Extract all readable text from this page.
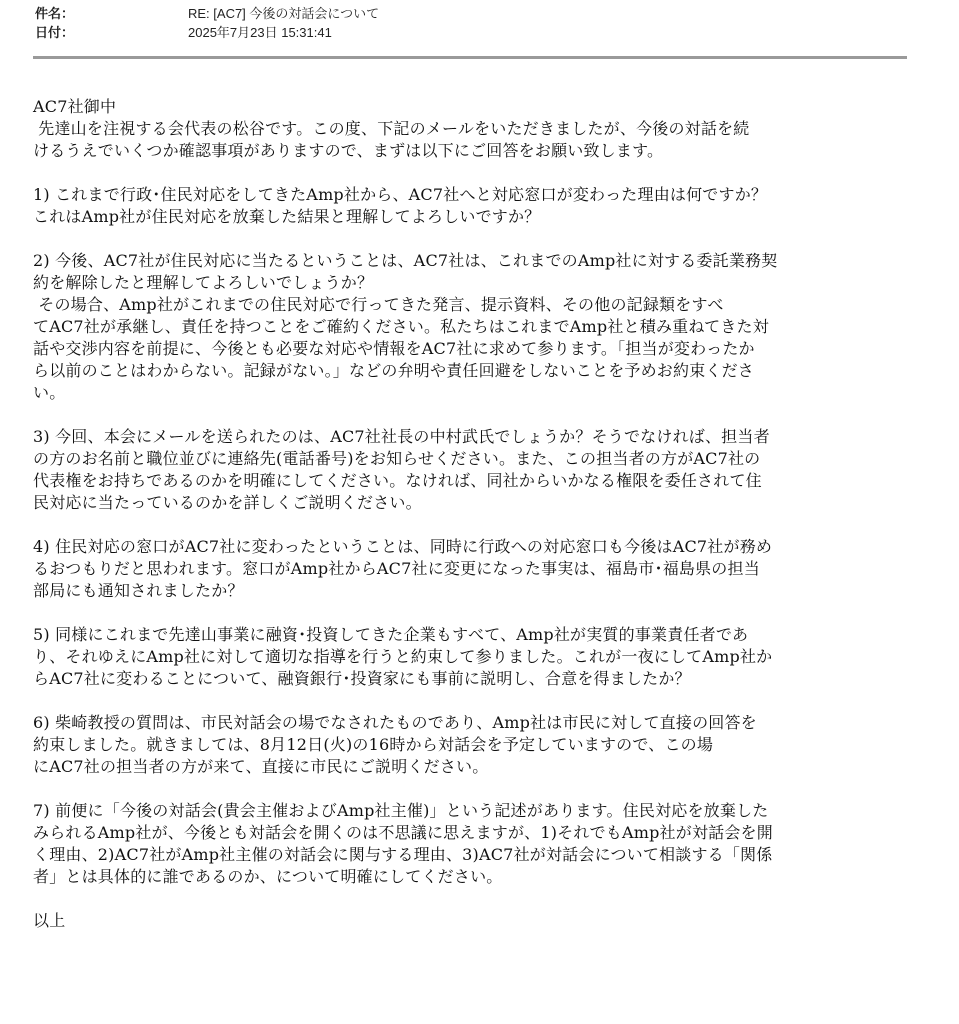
件名：	RE: [AC7] 今後の対話会について
日付：	2025年7月23日 15:31:41
AC7社御中
先達山を注視する会代表の松谷です。この度、下記のメールをいただきましたが、今後の対話を続
けるうえでいくつか確認事項がありますので、まずは以下にご回答をお願い致します。
1) これまで行政･住民対応をしてきたAmp社から、AC7社へと対応窓口が変わった理由は何ですか？
これはAmp社が住民対応を放棄した結果と理解してよろしいですか？
2) 今後、AC7社が住民対応に当たるということは、AC7社は、これまでのAmp社に対する委託業務契
約を解除したと理解してよろしいでしょうか？
その場合、Amp社がこれまでの住民対応で行ってきた発言、提示資料、その他の記録類をすべ
てAC7社が承継し、責任を持つことをご確約ください。私たちはこれまでAmp社と積み重ねてきた対
話や交渉内容を前提に、今後とも必要な対応や情報をAC7社に求めて参ります。「担当が変わったか
ら以前のことはわからない。記録がない。」などの弁明や責任回避をしないことを予めお約束くださ
い。
3) 今回、本会にメールを送られたのは、AC7社社長の中村武氏でしょうか？そうでなければ、担当者
の方のお名前と職位並びに連絡先(電話番号)をお知らせください。また、この担当者の方がAC7社の
代表権をお持ちであるのかを明確にしてください。なければ、同社からいかなる権限を委任されて住
民対応に当たっているのかを詳しくご説明ください。
4) 住民対応の窓口がAC7社に変わったということは、同時に行政への対応窓口も今後はAC7社が務め
るおつもりだと思われます。窓口がAmp社からAC7社に変更になった事実は、福島市･福島県の担当
部局にも通知されましたか？
5) 同様にこれまで先達山事業に融資･投資してきた企業もすべて、Amp社が実質的事業責任者であ
り、それゆえにAmp社に対して適切な指導を行うと約束して参りました。これが一夜にしてAmp社か
らAC7社に変わることについて、融資銀行･投資家にも事前に説明し、合意を得ましたか？
6) 柴崎教授の質問は、市民対話会の場でなされたものであり、Amp社は市民に対して直接の回答を
約束しました。就きましては、8月12日(火)の16時から対話会を予定していますので、この場
にAC7社の担当者の方が来て、直接に市民にご説明ください。
7) 前便に「今後の対話会(貴会主催およびAmp社主催)」という記述があります。住民対応を放棄した
みられるAmp社が、今後とも対話会を開くのは不思議に思えますが、1)それでもAmp社が対話会を開
く理由、2)AC7社がAmp社主催の対話会に関与する理由、3)AC7社が対話会について相談する「関係
者」とは具体的に誰であるのか、について明確にしてください。
以上
